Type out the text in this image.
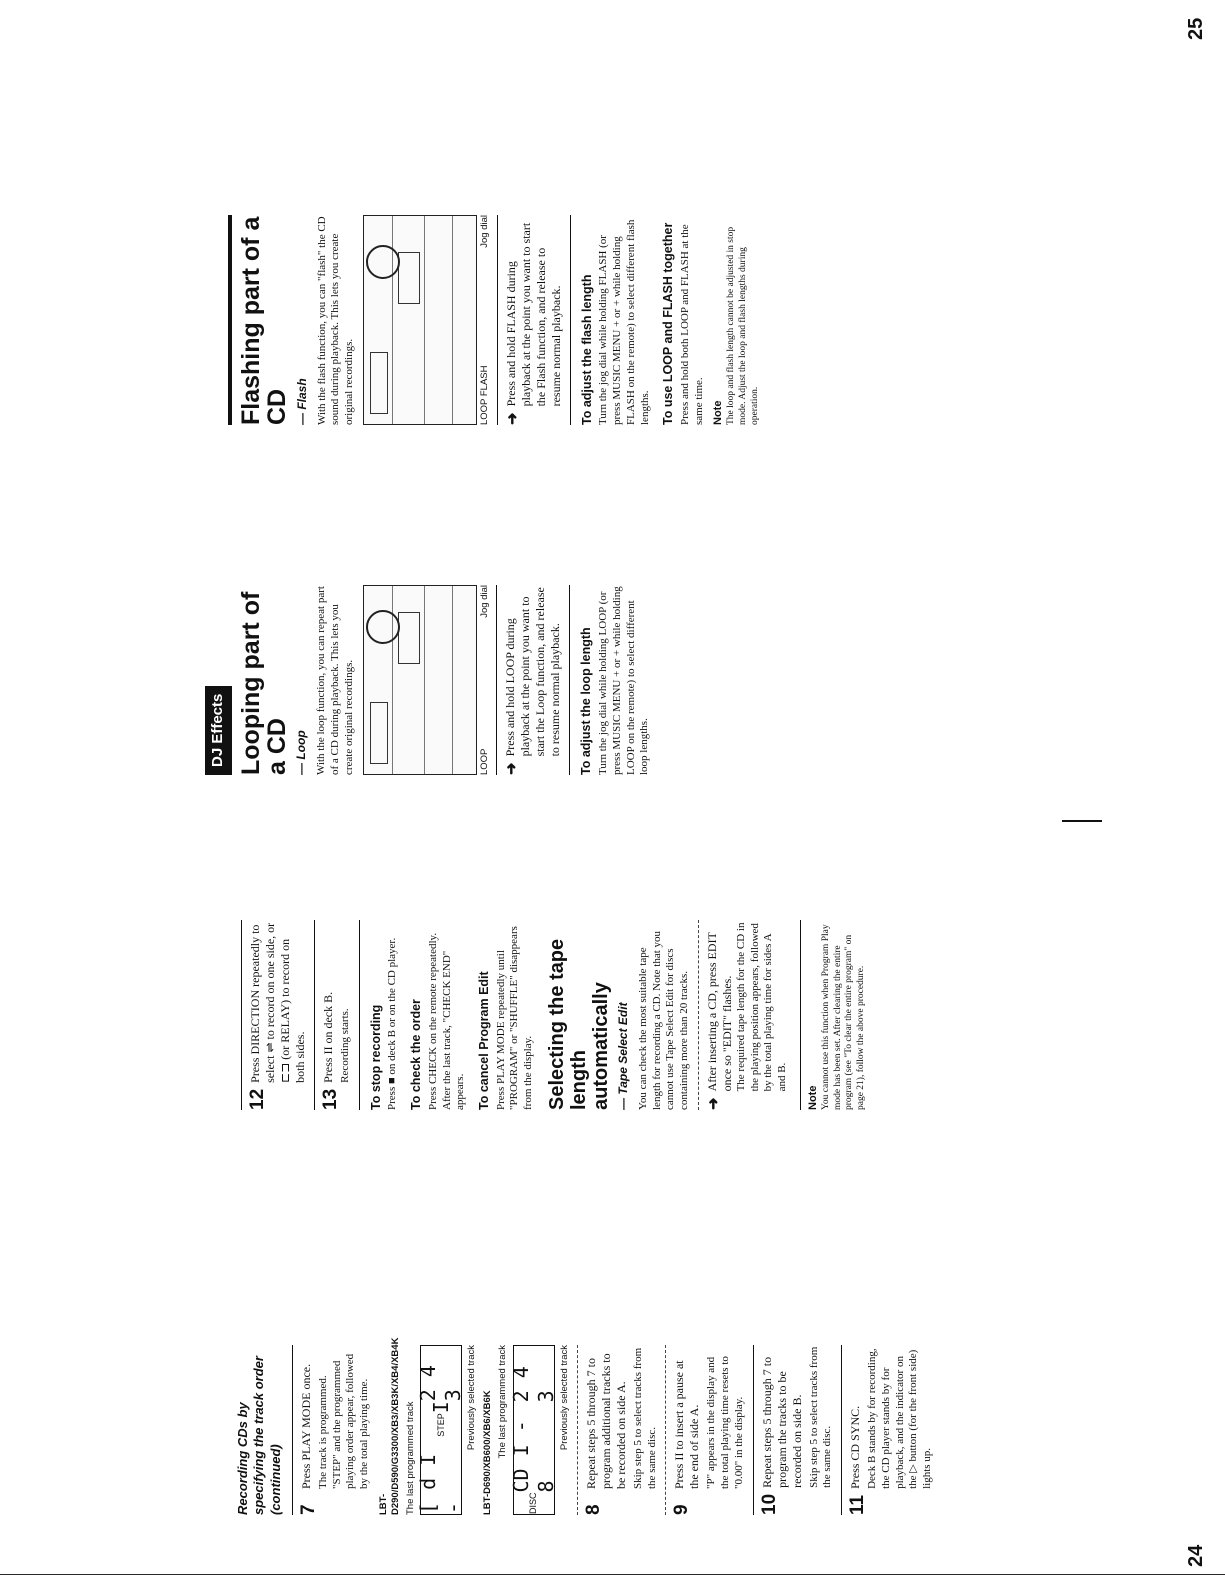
24
25
Recording CDs by specifying the track order (continued) 7
Press PLAY MODE once. The track is programmed. "STEP" and the programmed playing order appear, followed by the total playing time.
LBT-D290/D590/G3300/XB3/XB3K/XB4/XB4K The last programmed track [ d I -
STEP
I
2 4 3 Previously selected track LBT-D690/XB600/XB6/XB6K The last programmed track
DISC
CD I - 8
2 4 3 Previously selected track
8
Repeat steps 5 through 7 to program additional tracks to be recorded on side A. Skip step 5 to select tracks from the same disc.
9
Press II to insert a pause at the end of side A. "P" appears in the display and the total playing time resets to "0.00" in the display.
10
Repeat steps 5 through 7 to program the tracks to be recorded on side B. Skip step 5 to select tracks from the same disc.
11
Press CD SYNC. Deck B stands by for recording, the CD player stands by for playback, and the indicator on the ▷ button (for the front side) lights up.
12
Press DIRECTION repeatedly to select ⇌ to record on one side, or ⊏⊐ (or RELAY) to record on both sides.
13
Press II on deck B. Recording starts. To stop recording Press ■ on deck B or on the CD player. To check the order Press CHECK on the remote repeatedly. After the last track, "CHECK END" appears. To cancel Program Edit Press PLAY MODE repeatedly until "PROGRAM" or "SHUFFLE" disappears from the display. Selecting the tape length automatically — Tape Select Edit You can check the most suitable tape length for recording a CD. Note that you cannot use Tape Select Edit for discs containing more than 20 tracks. ➜
After inserting a CD, press EDIT once so "EDIT" flashes. The required tape length for the CD in the playing position appears, followed by the total playing time for sides A and B.
Note You cannot use this function when Program Play mode has been set. After clearing the entire program (see "To clear the entire program" on page 21), follow the above procedure.
DJ Effects Looping part of a CD — Loop With the loop function, you can repeat part of a CD during playback. This lets you create original recordings.	LOOP
Jog dial
➜
Press and hold LOOP during playback at the point you want to start the Loop function, and release to resume normal playback. To adjust the loop length Turn the jog dial while holding LOOP (or press MUSIC MENU + or + while holding LOOP on the remote) to select different loop lengths.
Flashing part of a CD — Flash With the flash function, you can "flash" the CD sound during playback. This lets you create original recordings.	LOOP FLASH
Jog dial
➜
Press and hold FLASH during playback at the point you want to start the Flash function, and release to resume normal playback. To adjust the flash length Turn the jog dial while holding FLASH (or press MUSIC MENU + or + while holding FLASH on the remote) to select different flash lengths. To use LOOP and FLASH together Press and hold both LOOP and FLASH at the same time. Note The loop and flash length cannot be adjusted in stop mode. Adjust the loop and flash lengths during operation.
